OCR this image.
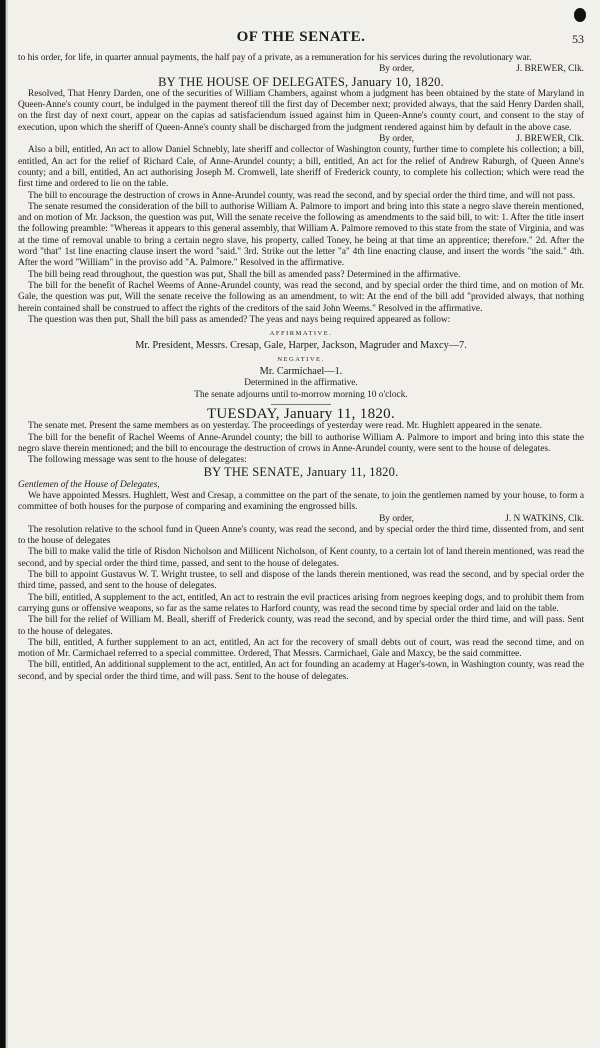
OF THE SENATE.	53

to his order, for life, in quarter annual payments, the half pay of a private, as a remuneration for his services during the revolutionary war.

By order,	J. BREWER, Clk.
BY THE HOUSE OF DELEGATES, January 10, 1820.

Resolved, That Henry Darden, one of the securities of William Chambers, against whom a judgment has been obtained by the state of Maryland in Queen-Anne's county court, be indulged in the payment thereof till the first day of December next; provided always, that the said Henry Darden shall, on the first day of next court, appear on the capias ad satisfaciendum issued against him in Queen-Anne's county court, and consent to the stay of execution, upon which the sheriff of Queen-Anne's county shall be discharged from the judgment rendered against him by default in the above case.

By order,	J. BREWER, Clk.

Also a bill, entitled, An act to allow Daniel Schnebly, late sheriff and collector of Washington county, further time to complete his collection; a bill, entitled, An act for the relief of Richard Cale, of Anne-Arundel county; a bill, entitled, An act for the relief of Andrew Raburgh, of Queen Anne's county; and a bill, entitled, An act authorising Joseph M. Cromwell, late sheriff of Frederick county, to complete his collection; which were read the first time and ordered to lie on the table.

The bill to encourage the destruction of crows in Anne-Arundel county, was read the second, and by special order the third time, and will not pass.

The senate resumed the consideration of the bill to authorise William A. Palmore to import and bring into this state a negro slave therein mentioned, and on motion of Mr. Jackson, the question was put, Will the senate receive the following as amendments to the said bill, to wit: 1. After the title insert the following preamble: "Whereas it appears to this general assembly, that William A. Palmore removed to this state from the state of Virginia, and was at the time of removal unable to bring a certain negro slave, his property, called Toney, he being at that time an apprentice; therefore." 2d. After the word "that" 1st line enacting clause insert the word "said." 3rd. Strike out the letter "a" 4th line enacting clause, and insert the words "the said." 4th. After the word "William" in the proviso add "A. Palmore." Resolved in the affirmative.

The bill being read throughout, the question was put, Shall the bill as amended pass? Determined in the affirmative.

The bill for the benefit of Rachel Weems of Anne-Arundel county, was read the second, and by special order the third time, and on motion of Mr. Gale, the question was put, Will the senate receive the following as an amendment, to wit: At the end of the bill add "provided always, that nothing herein contained shall be construed to affect the rights of the creditors of the said John Weems." Resolved in the affirmative.

The question was then put, Shall the bill pass as amended? The yeas and nays being required appeared as follow:

AFFIRMATIVE.
Mr. President, Messrs. Cresap, Gale, Harper, Jackson, Magruder and Maxcy—7.
NEGATIVE.
Mr. Carmichael—1.

Determined in the affirmative.

The senate adjourns until to-morrow morning 10 o'clock.

TUESDAY, January 11, 1820.

The senate met. Present the same members as on yesterday. The proceedings of yesterday were read. Mr. Hughlett appeared in the senate.

The bill for the benefit of Rachel Weems of Anne-Arundel county; the bill to authorise William A. Palmore to import and bring into this state the negro slave therein mentioned; and the bill to encourage the destruction of crows in Anne-Arundel county, were sent to the house of delegates.

The following message was sent to the house of delegates:

BY THE SENATE, January 11, 1820.

Gentlemen of the House of Delegates,

We have appointed Messrs. Hughlett, West and Cresap, a committee on the part of the senate, to join the gentlemen named by your house, to form a committee of both houses for the purpose of comparing and examining the engrossed bills.

By order,	J. N WATKINS, Clk.

The resolution relative to the school fund in Queen Anne's county, was read the second, and by special order the third time, dissented from, and sent to the house of delegates

The bill to make valid the title of Risdon Nicholson and Millicent Nicholson, of Kent county, to a certain lot of land therein mentioned, was read the second, and by special order the third time, passed, and sent to the house of delegates.

The bill to appoint Gustavus W. T. Wright trustee, to sell and dispose of the lands therein mentioned, was read the second, and by special order the third time, passed, and sent to the house of delegates.

The bill, entitled, A supplement to the act, entitled, An act to restrain the evil practices arising from negroes keeping dogs, and to prohibit them from carrying guns or offensive weapons, so far as the same relates to Harford county, was read the second time by special order and laid on the table.

The bill for the relief of William M. Beall, sheriff of Frederick county, was read the second, and by special order the third time, and will pass. Sent to the house of delegates.

The bill, entitled, A further supplement to an act, entitled, An act for the recovery of small debts out of court, was read the second time, and on motion of Mr. Carmichael referred to a special committee. Ordered, That Messrs. Carmichael, Gale and Maxcy, be the said committee.

The bill, entitled, An additional supplement to the act, entitled, An act for founding an academy at Hager's-town, in Washington county, was read the second, and by special order the third time, and will pass. Sent to the house of delegates.
